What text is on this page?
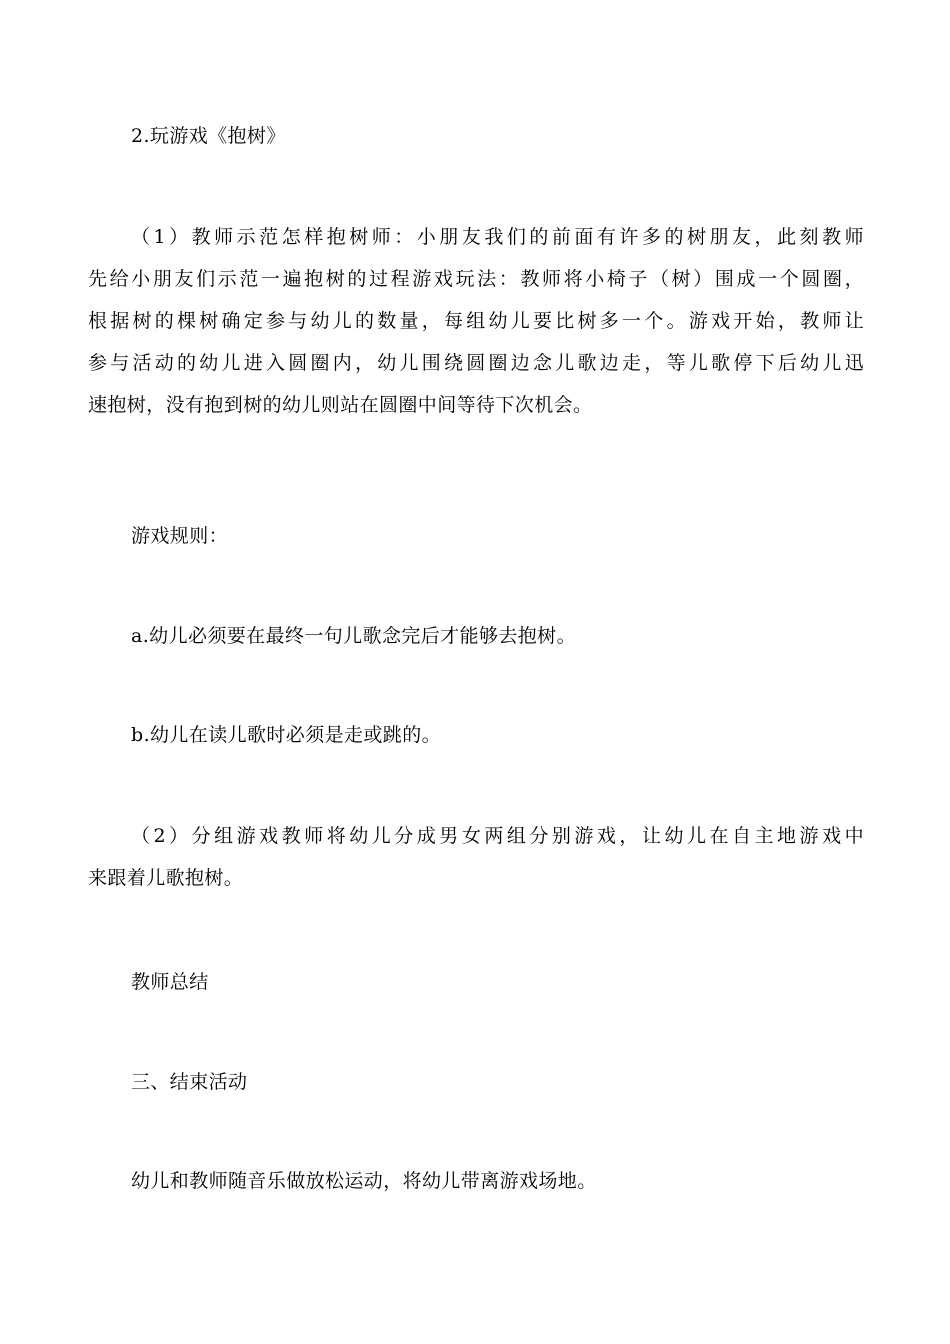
2.玩游戏《抱树》

（1）教师示范怎样抱树师：小朋友我们的前面有许多的树朋友，此刻教师
先给小朋友们示范一遍抱树的过程游戏玩法：教师将小椅子（树）围成一个圆圈，
根据树的棵树确定参与幼儿的数量，每组幼儿要比树多一个。游戏开始，教师让
参与活动的幼儿进入圆圈内，幼儿围绕圆圈边念儿歌边走，等儿歌停下后幼儿迅
速抱树，没有抱到树的幼儿则站在圆圈中间等待下次机会。

游戏规则：

a.幼儿必须要在最终一句儿歌念完后才能够去抱树。

b.幼儿在读儿歌时必须是走或跳的。

（2）分组游戏教师将幼儿分成男女两组分别游戏，让幼儿在自主地游戏中
来跟着儿歌抱树。

教师总结

三、结束活动

幼儿和教师随音乐做放松运动，将幼儿带离游戏场地。
